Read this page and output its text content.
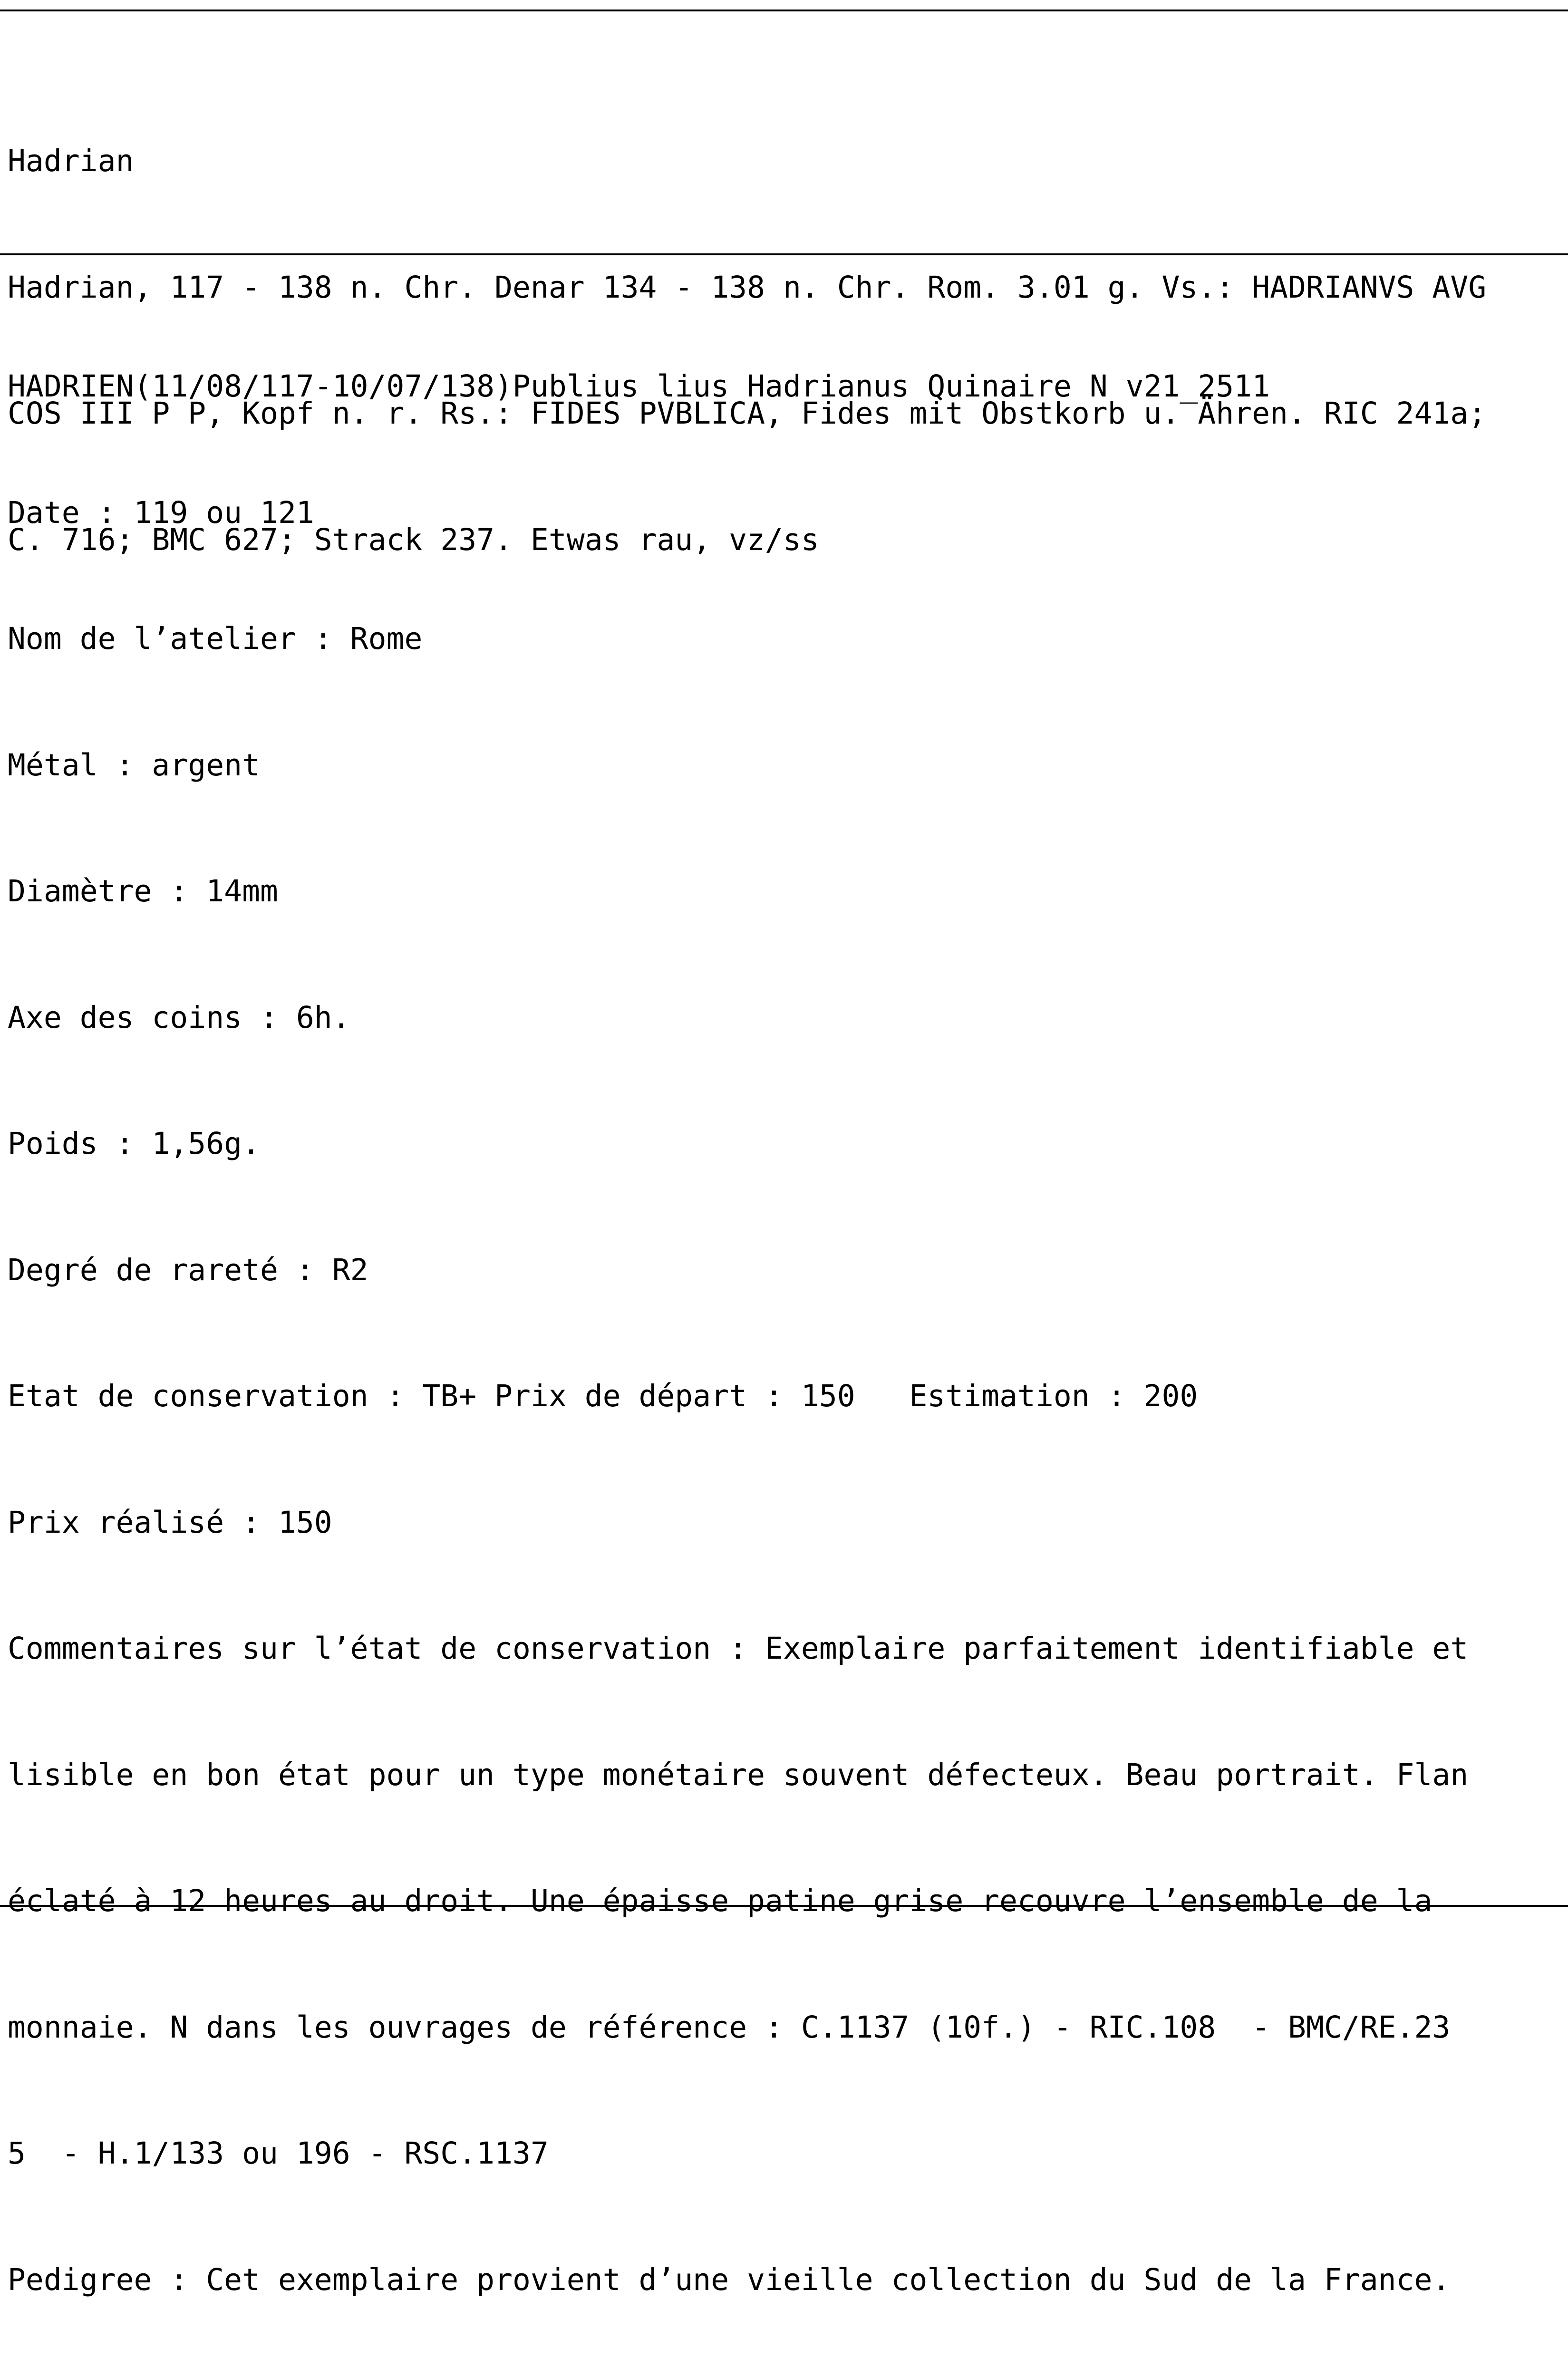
Hadrian

Hadrian, 117 - 138 n. Chr. Denar 134 - 138 n. Chr. Rom. 3.01 g. Vs.: HADRIANVS AVG

COS III P P, Kopf n. r. Rs.: FIDES PVBLICA, Fides mit Obstkorb u. Ähren. RIC 241a;

C. 716; BMC 627; Strack 237. Etwas rau, vz/ss

HADRIEN(11/08/117-10/07/138)Publius lius Hadrianus Quinaire N v21_2511

Date : 119 ou 121

Nom de l’atelier : Rome

Métal : argent

Diamètre : 14mm

Axe des coins : 6h.

Poids : 1,56g.

Degré de rareté : R2

Etat de conservation : TB+ Prix de départ : 150   Estimation : 200

Prix réalisé : 150

Commentaires sur l’état de conservation : Exemplaire parfaitement identifiable et

lisible en bon état pour un type monétaire souvent défecteux. Beau portrait. Flan

éclaté à 12 heures au droit. Une épaisse patine grise recouvre l’ensemble de la

monnaie. N dans les ouvrages de référence : C.1137 (10f.) - RIC.108  - BMC/RE.23

5  - H.1/133 ou 196 - RSC.1137

Pedigree : Cet exemplaire provient d’une vieille collection du Sud de la France.
